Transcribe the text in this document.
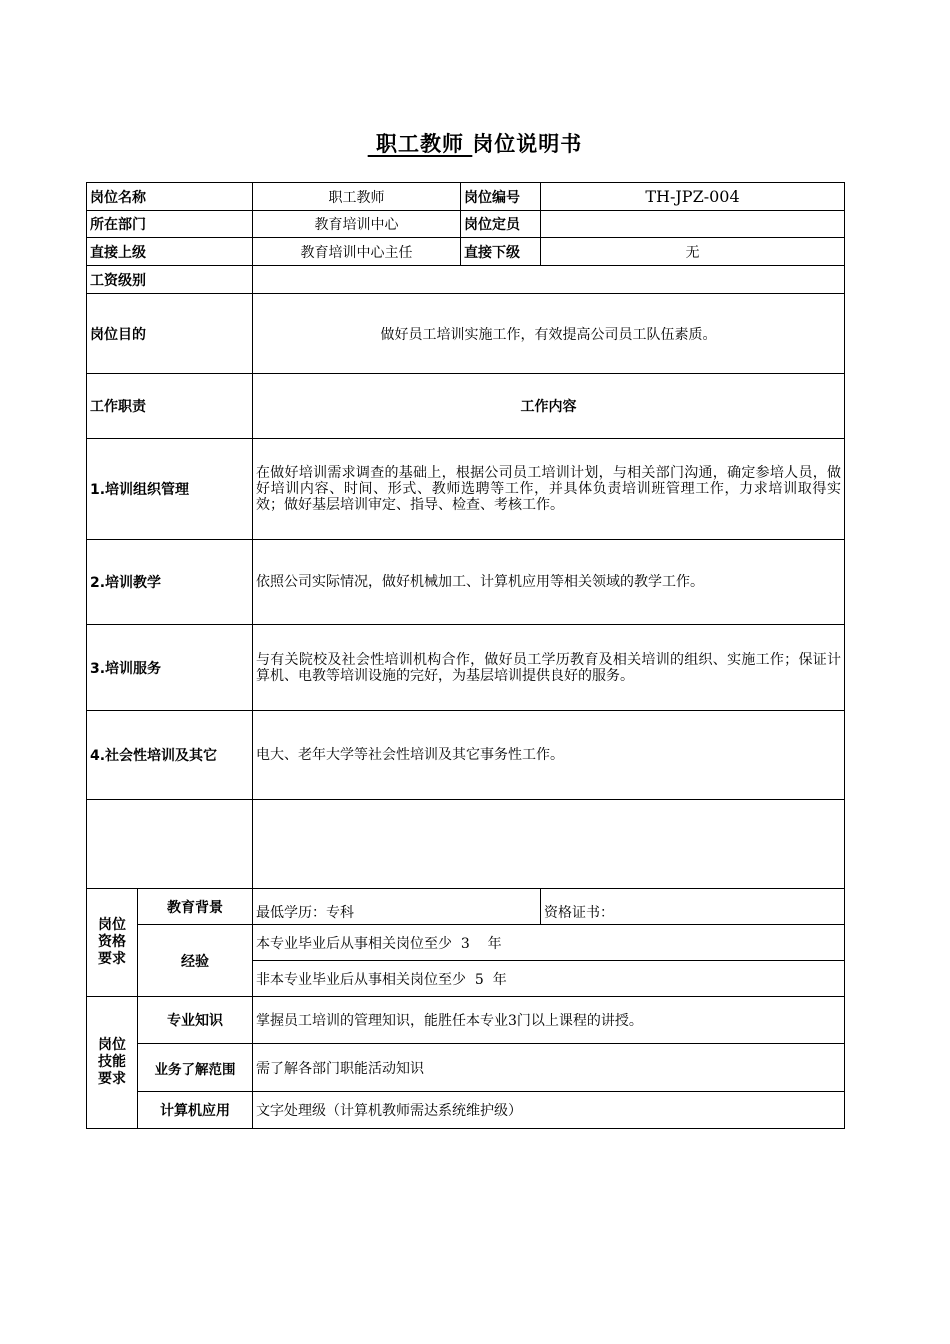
职工教师 岗位说明书
岗位名称		职工教师	岗位编号	TH-JPZ-004
所在部门		教育培训中心	岗位定员	
直接上级		教育培训中心主任	直接下级	无
工资级别				
岗位目的		做好员工培训实施工作，有效提高公司员工队伍素质。		
工作职责		工作内容		
1.培训组织管理		在做好培训需求调查的基础上，根据公司员工培训计划，与相关部门沟通，确定参培人员，做好培训内容、时间、形式、教师选聘等工作，并具体负责培训班管理工作，力求培训取得实效；做好基层培训审定、指导、检查、考核工作。		
2.培训教学		依照公司实际情况，做好机械加工、计算机应用等相关领域的教学工作。		
3.培训服务		与有关院校及社会性培训机构合作，做好员工学历教育及相关培训的组织、实施工作；保证计算机、电教等培训设施的完好，为基层培训提供良好的服务。		
4.社会性培训及其它		电大、老年大学等社会性培训及其它事务性工作。		

岗位
资格
要求	教育背景	最低学历：专科		资格证书：
	经验	本专业毕业后从事相关岗位至少  3    年		
		非本专业毕业后从事相关岗位至少  5  年		
岗位
技能
要求	专业知识	掌握员工培训的管理知识，能胜任本专业3门以上课程的讲授。		
	业务了解范围	需了解各部门职能活动知识		
	计算机应用	文字处理级（计算机教师需达系统维护级）		
